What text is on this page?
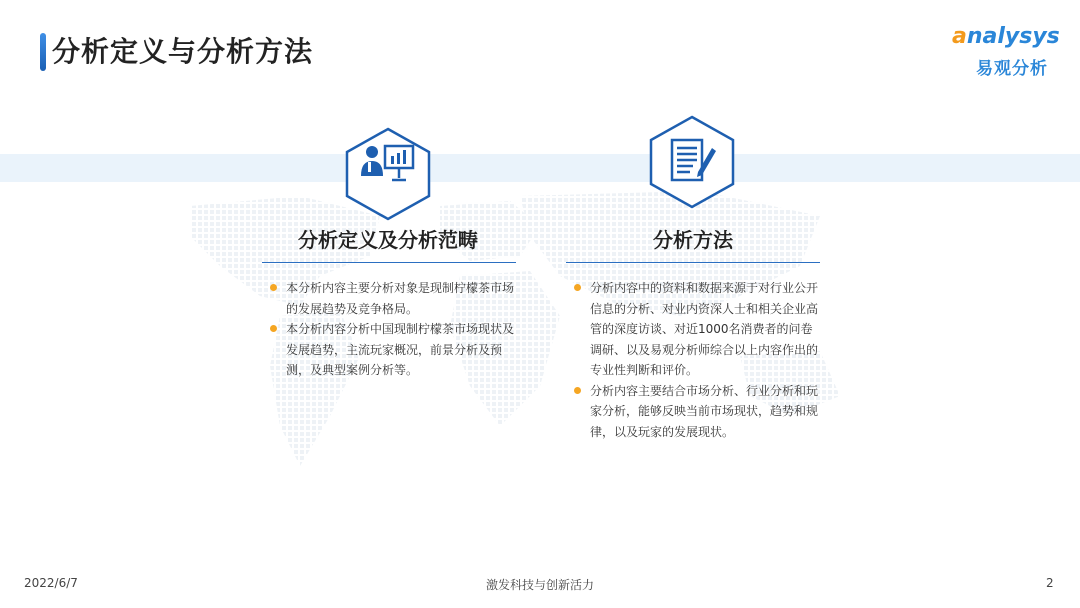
分析定义与分析方法	analysys
易观分析
分析定义及分析范畴
本分析内容主要分析对象是现制柠檬茶市场的发展趋势及竞争格局。
本分析内容分析中国现制柠檬茶市场现状及发展趋势，主流玩家概况，前景分析及预测，及典型案例分析等。
分析方法
分析内容中的资料和数据来源于对行业公开信息的分析、对业内资深人士和相关企业高管的深度访谈、对近1000名消费者的问卷调研、以及易观分析师综合以上内容作出的专业性判断和评价。
分析内容主要结合市场分析、行业分析和玩家分析，能够反映当前市场现状，趋势和规律，以及玩家的发展现状。
2022/6/7	激发科技与创新活力	2
